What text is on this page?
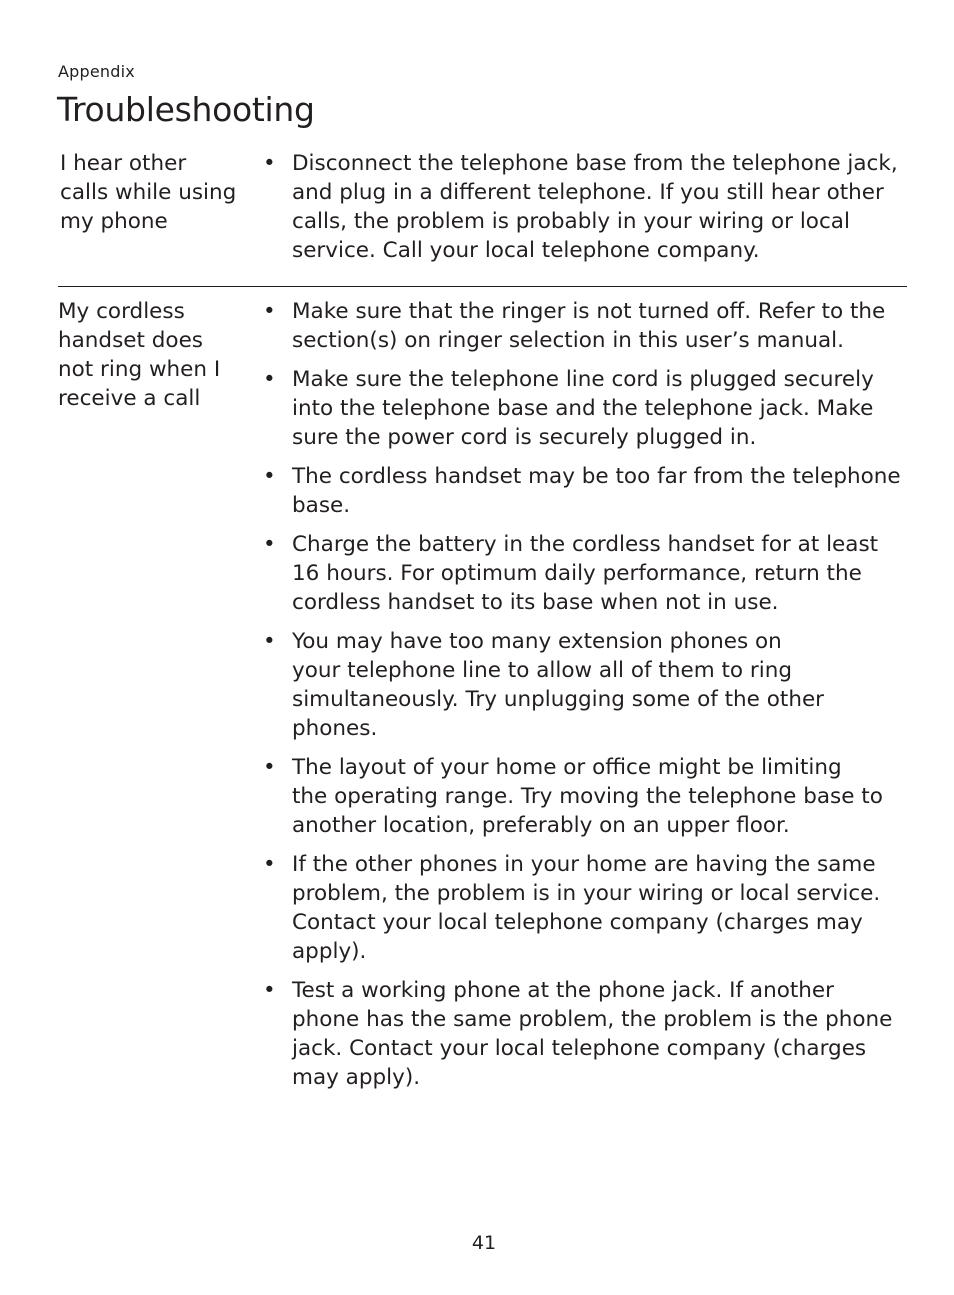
Appendix
Troubleshooting
I hear other
calls while using
my phone
• Disconnect the telephone base from the telephone jack,
and plug in a different telephone. If you still hear other
calls, the problem is probably in your wiring or local
service. Call your local telephone company.
My cordless
handset does
not ring when I
receive a call
• Make sure that the ringer is not turned off. Refer to the
section(s) on ringer selection in this user’s manual.
• Make sure the telephone line cord is plugged securely
into the telephone base and the telephone jack. Make
sure the power cord is securely plugged in.
• The cordless handset may be too far from the telephone
base.
• Charge the battery in the cordless handset for at least
16 hours. For optimum daily performance, return the
cordless handset to its base when not in use.
• You may have too many extension phones on
your telephone line to allow all of them to ring
simultaneously. Try unplugging some of the other
phones.
• The layout of your home or office might be limiting
the operating range. Try moving the telephone base to
another location, preferably on an upper floor.
• If the other phones in your home are having the same
problem, the problem is in your wiring or local service.
Contact your local telephone company (charges may
apply).
• Test a working phone at the phone jack. If another
phone has the same problem, the problem is the phone
jack. Contact your local telephone company (charges
may apply).
41
